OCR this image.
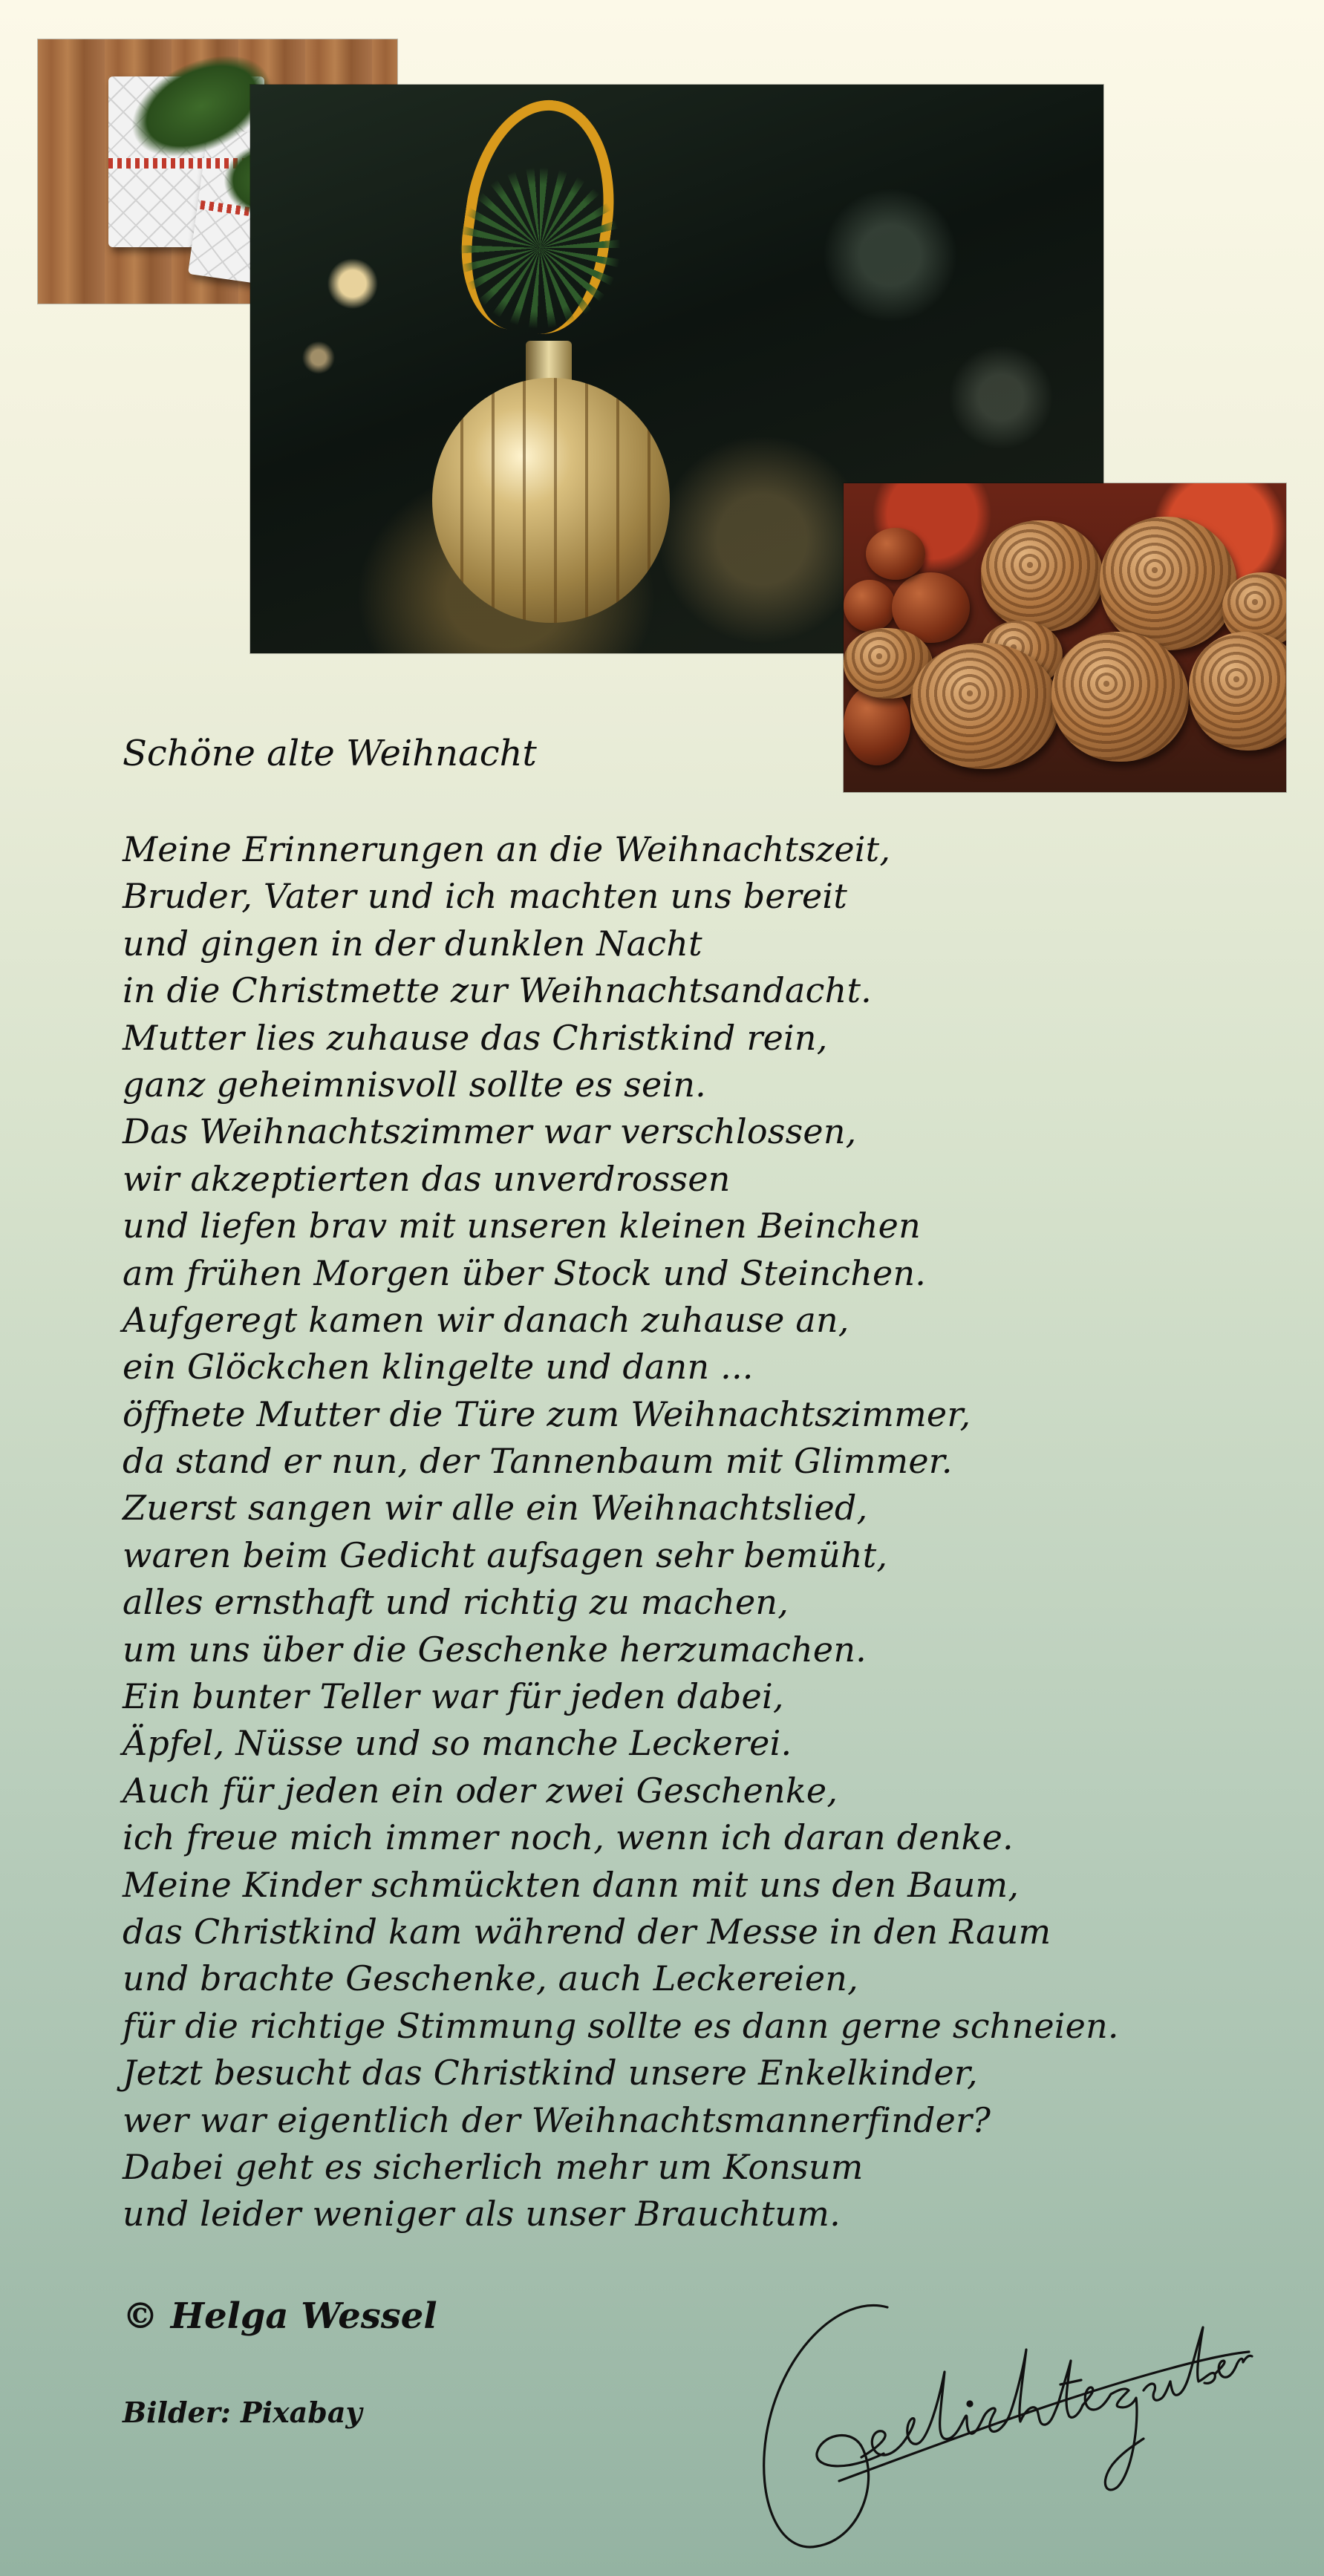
Schöne alte Weihnacht
Meine Erinnerungen an die Weihnachtszeit,
Bruder, Vater und ich machten uns bereit
und gingen in der dunklen Nacht
in die Christmette zur Weihnachtsandacht.
Mutter lies zuhause das Christkind rein,
ganz geheimnisvoll sollte es sein.
Das Weihnachtszimmer war verschlossen,
wir akzeptierten das unverdrossen
und liefen brav mit unseren kleinen Beinchen
am frühen Morgen über Stock und Steinchen.
Aufgeregt kamen wir danach zuhause an,
ein Glöckchen klingelte und dann ...
öffnete Mutter die Türe zum Weihnachtszimmer,
da stand er nun, der Tannenbaum mit Glimmer.
Zuerst sangen wir alle ein Weihnachtslied,
waren beim Gedicht aufsagen sehr bemüht,
alles ernsthaft und richtig zu machen,
um uns über die Geschenke herzumachen.
Ein bunter Teller war für jeden dabei,
Äpfel, Nüsse und so manche Leckerei.
Auch für jeden ein oder zwei Geschenke,
ich freue mich immer noch, wenn ich daran denke.
Meine Kinder schmückten dann mit uns den Baum,
das Christkind kam während der Messe in den Raum
und brachte Geschenke, auch Leckereien,
für die richtige Stimmung sollte es dann gerne schneien.
Jetzt besucht das Christkind unsere Enkelkinder,
wer war eigentlich der Weihnachtsmannerfinder?
Dabei geht es sicherlich mehr um Konsum
und leider weniger als unser Brauchtum.
© Helga Wessel
Bilder: Pixabay
